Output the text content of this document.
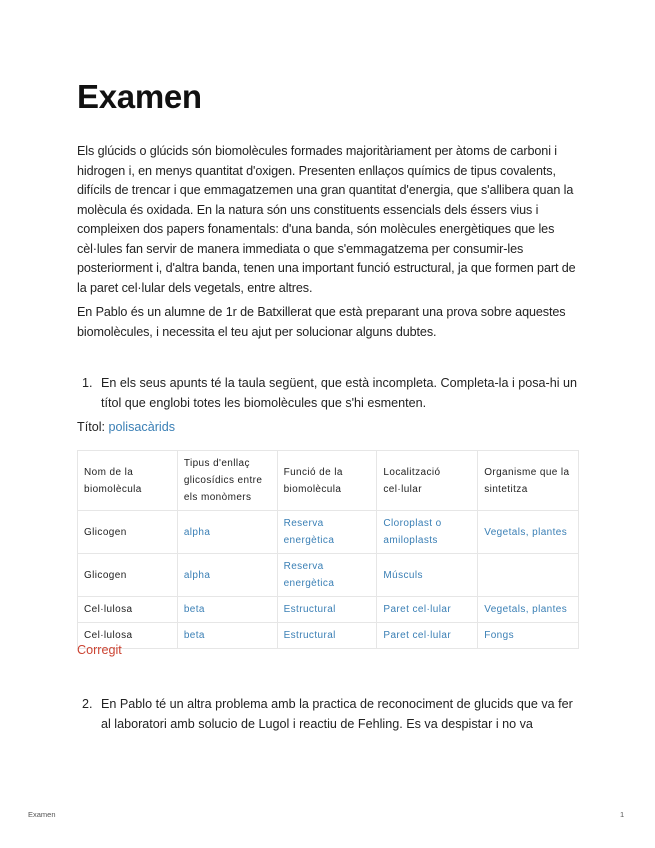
Examen

Els glúcids o glúcids són biomolècules formades majoritàriament per àtoms de carboni i hidrogen i, en menys quantitat d'oxigen. Presenten enllaços químics de tipus covalents, difícils de trencar i que emmagatzemen una gran quantitat d'energia, que s'allibera quan la molècula és oxidada. En la natura són uns constituents essencials dels éssers vius i compleixen dos papers fonamentals: d'una banda, són molècules energètiques que les cèl·lules fan servir de manera immediata o que s'emmagatzema per consumir-les posteriorment i, d'altra banda, tenen una important funció estructural, ja que formen part de la paret cel·lular dels vegetals, entre altres.

En Pablo és un alumne de 1r de Batxillerat que està preparant una prova sobre aquestes biomolècules, i necessita el teu ajut per solucionar alguns dubtes.

1. En els seus apunts té la taula següent, que està incompleta. Completa-la i posa-hi un títol que englobi totes les biomolècules que s'hi esmenten.
Títol: polisacàrids
Nom de la biomolècula	Tipus d'enllaç glicosídics entre els monòmers	Funció de la biomolècula	Localització cel·lular	Organisme que la sintetitza
Glicogen	alpha	Reserva energètica	Cloroplast o amiloplasts	Vegetals, plantes
Glicogen	alpha	Reserva energètica	Músculs	
Cel·lulosa	beta	Estructural	Paret cel·lular	Vegetals, plantes
Cel·lulosa	beta	Estructural	Paret cel·lular	Fongs
Corregit
2. En Pablo té un altra problema amb la practica de reconociment de glucids que va fer al laboratori amb solucio de Lugol i reactiu de Fehling. Es va despistar i no va
Examen	1
